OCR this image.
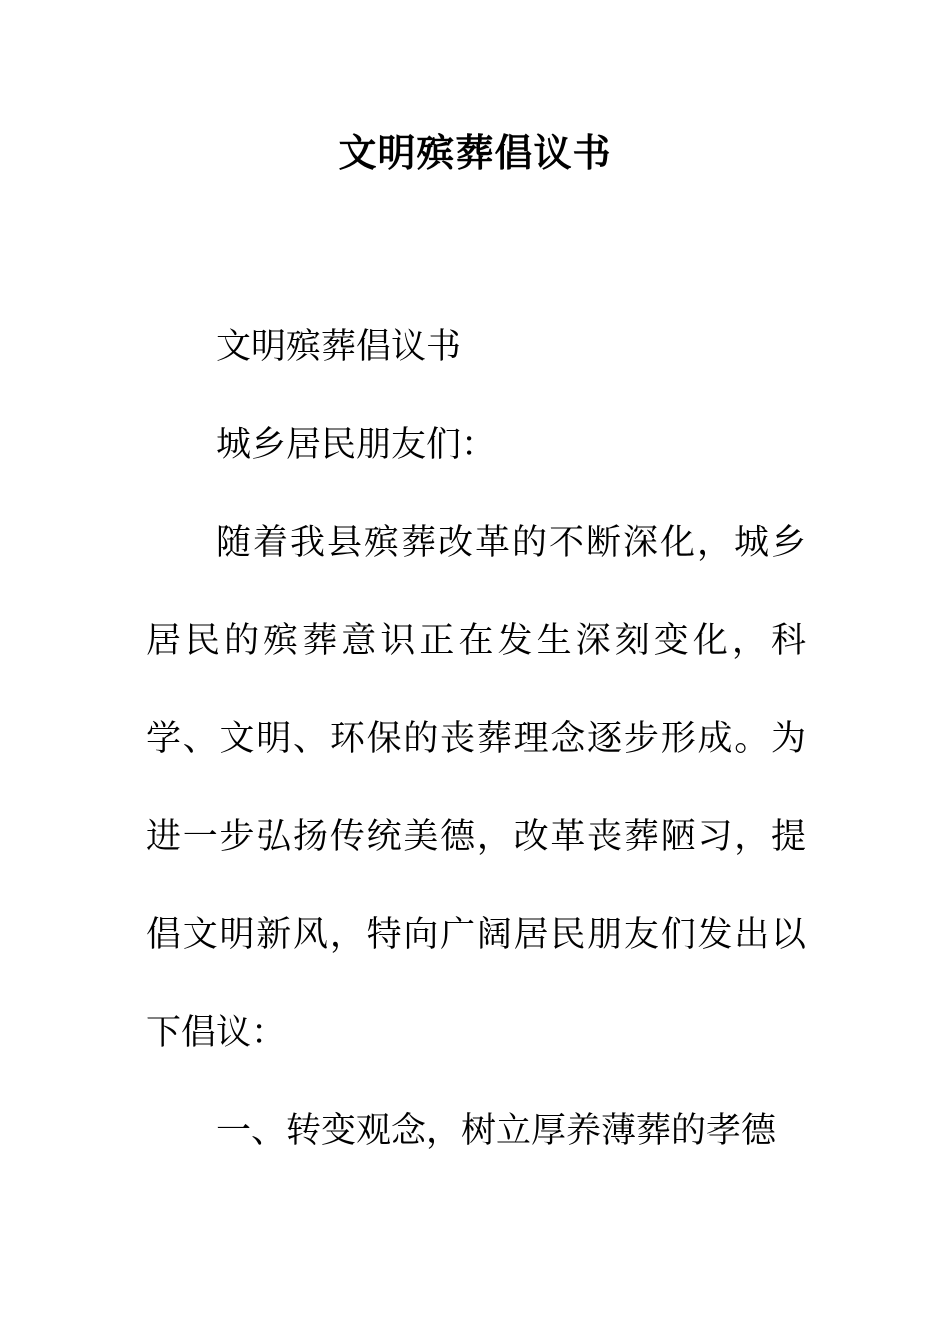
文明殡葬倡议书

文明殡葬倡议书

城乡居民朋友们：

随着我县殡葬改革的不断深化，城乡居民的殡葬意识正在发生深刻变化，科学、文明、环保的丧葬理念逐步形成。为进一步弘扬传统美德，改革丧葬陋习，提倡文明新风，特向广阔居民朋友们发出以下倡议：

一、转变观念，树立厚养薄葬的孝德
